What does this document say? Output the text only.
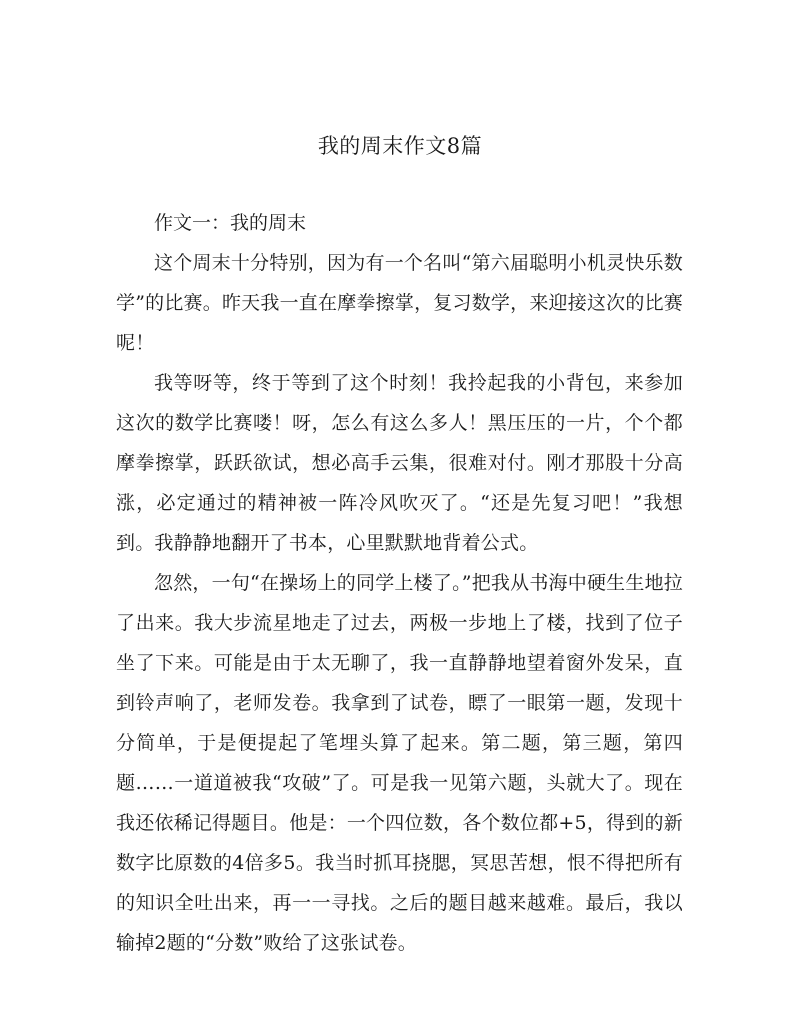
我的周末作文8篇

作文一：我的周末

这个周末十分特别，因为有一个名叫“第六届聪明小机灵快乐数学”的比赛。昨天我一直在摩拳擦掌，复习数学，来迎接这次的比赛呢！

我等呀等，终于等到了这个时刻！我拎起我的小背包，来参加这次的数学比赛喽！呀，怎么有这么多人！黑压压的一片，个个都摩拳擦掌，跃跃欲试，想必高手云集，很难对付。刚才那股十分高涨，必定通过的精神被一阵冷风吹灭了。“还是先复习吧！”我想到。我静静地翻开了书本，心里默默地背着公式。

忽然，一句“在操场上的同学上楼了。”把我从书海中硬生生地拉了出来。我大步流星地走了过去，两极一步地上了楼，找到了位子坐了下来。可能是由于太无聊了，我一直静静地望着窗外发呆，直到铃声响了，老师发卷。我拿到了试卷，瞟了一眼第一题，发现十分简单，于是便提起了笔埋头算了起来。第二题，第三题，第四题……一道道被我“攻破”了。可是我一见第六题，头就大了。现在我还依稀记得题目。他是：一个四位数，各个数位都+5，得到的新数字比原数的4倍多5。我当时抓耳挠腮，冥思苦想，恨不得把所有的知识全吐出来，再一一寻找。之后的题目越来越难。最后，我以输掉2题的“分数”败给了这张试卷。
